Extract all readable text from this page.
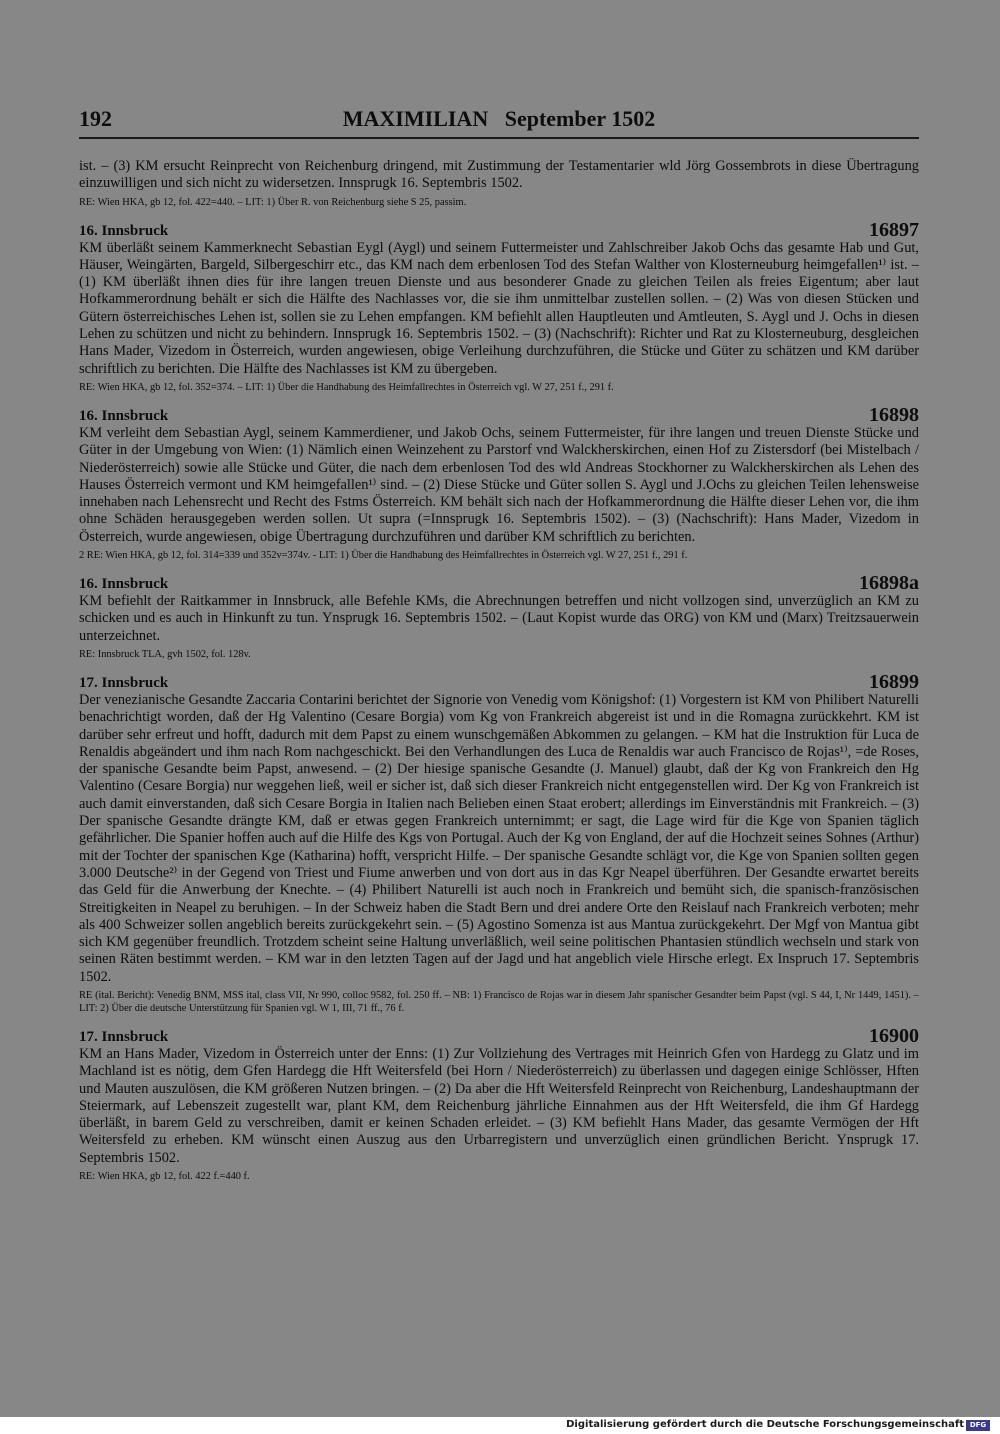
192	MAXIMILIAN   September 1502

ist. – (3) KM ersucht Reinprecht von Reichenburg dringend, mit Zustimmung der Testamentarier wld Jörg Gossembrots in diese Übertragung einzuwilligen und sich nicht zu widersetzen. Innsprugk 16. Septembris 1502.

RE: Wien HKA, gb 12, fol. 422=440. – LIT: 1) Über R. von Reichenburg siehe S 25, passim.

16. Innsbruck	16897

KM überläßt seinem Kammerknecht Sebastian Eygl (Aygl) und seinem Futtermeister und Zahlschreiber Jakob Ochs das gesamte Hab und Gut, Häuser, Weingärten, Bargeld, Silbergeschirr etc., das KM nach dem erbenlosen Tod des Stefan Walther von Klosterneuburg heimgefallen¹⁾ ist. – (1) KM überläßt ihnen dies für ihre langen treuen Dienste und aus besonderer Gnade zu gleichen Teilen als freies Eigentum; aber laut Hofkammerordnung behält er sich die Hälfte des Nachlasses vor, die sie ihm unmittelbar zustellen sollen. – (2) Was von diesen Stücken und Gütern österreichisches Lehen ist, sollen sie zu Lehen empfangen. KM befiehlt allen Hauptleuten und Amtleuten, S. Aygl und J. Ochs in diesen Lehen zu schützen und nicht zu behindern. Innsprugk 16. Septembris 1502. – (3) (Nachschrift): Richter und Rat zu Klosterneuburg, desgleichen Hans Mader, Vizedom in Österreich, wurden angewiesen, obige Verleihung durchzuführen, die Stücke und Güter zu schätzen und KM darüber schriftlich zu berichten. Die Hälfte des Nachlasses ist KM zu übergeben.

RE: Wien HKA, gb 12, fol. 352=374. – LIT: 1) Über die Handhabung des Heimfallrechtes in Österreich vgl. W 27, 251 f., 291 f.

16. Innsbruck	16898

KM verleiht dem Sebastian Aygl, seinem Kammerdiener, und Jakob Ochs, seinem Futtermeister, für ihre langen und treuen Dienste Stücke und Güter in der Umgebung von Wien: (1) Nämlich einen Weinzehent zu Parstorf vnd Walckherskirchen, einen Hof zu Zistersdorf (bei Mistelbach / Niederösterreich) sowie alle Stücke und Güter, die nach dem erbenlosen Tod des wld Andreas Stockhorner zu Walckherskirchen als Lehen des Hauses Österreich vermont und KM heimgefallen¹⁾ sind. – (2) Diese Stücke und Güter sollen S. Aygl und J.Ochs zu gleichen Teilen lehensweise innehaben nach Lehensrecht und Recht des Fstms Österreich. KM behält sich nach der Hofkammerordnung die Hälfte dieser Lehen vor, die ihm ohne Schäden herausgegeben werden sollen. Ut supra (=Innsprugk 16. Septembris 1502). – (3) (Nachschrift): Hans Mader, Vizedom in Österreich, wurde angewiesen, obige Übertragung durchzuführen und darüber KM schriftlich zu berichten.

2 RE: Wien HKA, gb 12, fol. 314=339 und 352v=374v. - LIT: 1) Über die Handhabung des Heimfallrechtes in Österreich vgl. W 27, 251 f., 291 f.

16. Innsbruck	16898a

KM befiehlt der Raitkammer in Innsbruck, alle Befehle KMs, die Abrechnungen betreffen und nicht vollzogen sind, unverzüglich an KM zu schicken und es auch in Hinkunft zu tun. Ynsprugk 16. Septembris 1502. – (Laut Kopist wurde das ORG) von KM und (Marx) Treitzsauerwein unterzeichnet.

RE: Innsbruck TLA, gvh 1502, fol. 128v.

17. Innsbruck	16899

Der venezianische Gesandte Zaccaria Contarini berichtet der Signorie von Venedig vom Königshof: (1) Vorgestern ist KM von Philibert Naturelli benachrichtigt worden, daß der Hg Valentino (Cesare Borgia) vom Kg von Frankreich abgereist ist und in die Romagna zurückkehrt. KM ist darüber sehr erfreut und hofft, dadurch mit dem Papst zu einem wunschgemäßen Abkommen zu gelangen. – KM hat die Instruktion für Luca de Renaldis abgeändert und ihm nach Rom nachgeschickt. Bei den Verhandlungen des Luca de Renaldis war auch Francisco de Rojas¹⁾, =de Roses, der spanische Gesandte beim Papst, anwesend. – (2) Der hiesige spanische Gesandte (J. Manuel) glaubt, daß der Kg von Frankreich den Hg Valentino (Cesare Borgia) nur weggehen ließ, weil er sicher ist, daß sich dieser Frankreich nicht entgegenstellen wird. Der Kg von Frankreich ist auch damit einverstanden, daß sich Cesare Borgia in Italien nach Belieben einen Staat erobert; allerdings im Einverständnis mit Frankreich. – (3) Der spanische Gesandte drängte KM, daß er etwas gegen Frankreich unternimmt; er sagt, die Lage wird für die Kge von Spanien täglich gefährlicher. Die Spanier hoffen auch auf die Hilfe des Kgs von Portugal. Auch der Kg von England, der auf die Hochzeit seines Sohnes (Arthur) mit der Tochter der spanischen Kge (Katharina) hofft, verspricht Hilfe. – Der spanische Gesandte schlägt vor, die Kge von Spanien sollten gegen 3.000 Deutsche²⁾ in der Gegend von Triest und Fiume anwerben und von dort aus in das Kgr Neapel überführen. Der Gesandte erwartet bereits das Geld für die Anwerbung der Knechte. – (4) Philibert Naturelli ist auch noch in Frankreich und bemüht sich, die spanisch-französischen Streitigkeiten in Neapel zu beruhigen. – In der Schweiz haben die Stadt Bern und drei andere Orte den Reislauf nach Frankreich verboten; mehr als 400 Schweizer sollen angeblich bereits zurückgekehrt sein. – (5) Agostino Somenza ist aus Mantua zurückgekehrt. Der Mgf von Mantua gibt sich KM gegenüber freundlich. Trotzdem scheint seine Haltung unverläßlich, weil seine politischen Phantasien stündlich wechseln und stark von seinen Räten bestimmt werden. – KM war in den letzten Tagen auf der Jagd und hat angeblich viele Hirsche erlegt. Ex Inspruch 17. Septembris 1502.

RE (ital. Bericht): Venedig BNM, MSS ital, class VII, Nr 990, colloc 9582, fol. 250 ff. – NB: 1) Francisco de Rojas war in diesem Jahr spanischer Gesandter beim Papst (vgl. S 44, I, Nr 1449, 1451). – LIT: 2) Über die deutsche Unterstützung für Spanien vgl. W 1, III, 71 ff., 76 f.

17. Innsbruck	16900

KM an Hans Mader, Vizedom in Österreich unter der Enns: (1) Zur Vollziehung des Vertrages mit Heinrich Gfen von Hardegg zu Glatz und im Machland ist es nötig, dem Gfen Hardegg die Hft Weitersfeld (bei Horn / Niederösterreich) zu überlassen und dagegen einige Schlösser, Hften und Mauten auszulösen, die KM größeren Nutzen bringen. – (2) Da aber die Hft Weitersfeld Reinprecht von Reichenburg, Landeshauptmann der Steiermark, auf Lebenszeit zugestellt war, plant KM, dem Reichenburg jährliche Einnahmen aus der Hft Weitersfeld, die ihm Gf Hardegg überläßt, in barem Geld zu verschreiben, damit er keinen Schaden erleidet. – (3) KM befiehlt Hans Mader, das gesamte Vermögen der Hft Weitersfeld zu erheben. KM wünscht einen Auszug aus den Urbarregistern und unverzüglich einen gründlichen Bericht. Ynsprugk 17. Septembris 1502.

RE: Wien HKA, gb 12, fol. 422 f.=440 f.

Digitalisierung gefördert durch die Deutsche Forschungsgemeinschaft DFG
